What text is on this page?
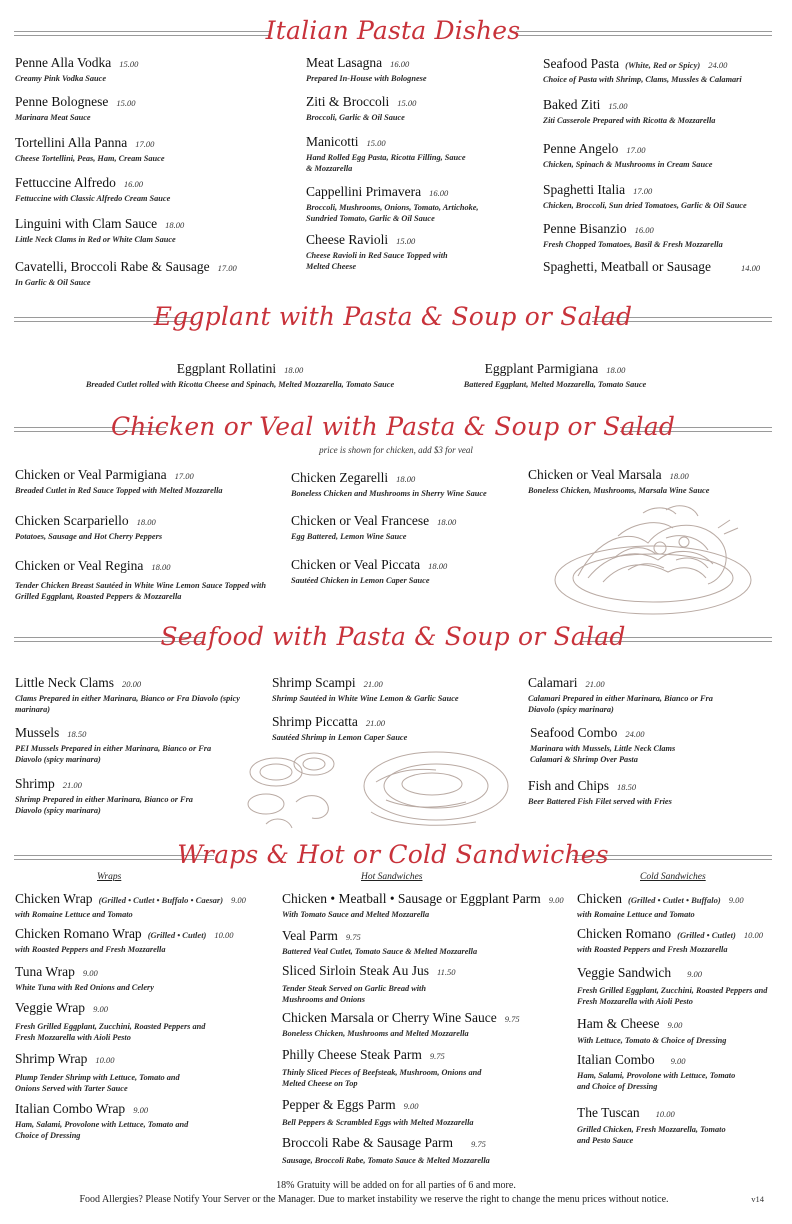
Italian Pasta Dishes
Penne Alla Vodka 15.00
Creamy Pink Vodka Sauce
Penne Bolognese 15.00
Marinara Meat Sauce
Tortellini Alla Panna 17.00
Cheese Tortellini, Peas, Ham, Cream Sauce
Fettuccine Alfredo 16.00
Fettuccine with Classic Alfredo Cream Sauce
Linguini with Clam Sauce 18.00
Little Neck Clams in Red or White Clam Sauce
Cavatelli, Broccoli Rabe & Sausage 17.00
In Garlic & Oil Sauce
Meat Lasagna 16.00
Prepared In-House with Bolognese
Ziti & Broccoli 15.00
Broccoli, Garlic & Oil Sauce
Manicotti 15.00
Hand Rolled Egg Pasta, Ricotta Filling, Sauce & Mozzarella
Cappellini Primavera 16.00
Broccoli, Mushrooms, Onions, Tomato, Artichoke, Sundried Tomato, Garlic & Oil Sauce
Cheese Ravioli 15.00
Cheese Ravioli in Red Sauce Topped with Melted Cheese
Seafood Pasta (White, Red or Spicy) 24.00
Choice of Pasta with Shrimp, Clams, Mussles & Calamari
Baked Ziti 15.00
Ziti Casserole Prepared with Ricotta & Mozzarella
Penne Angelo 17.00
Chicken, Spinach & Mushrooms in Cream Sauce
Spaghetti Italia 17.00
Chicken, Broccoli, Sun dried Tomatoes, Garlic & Oil Sauce
Penne Bisanzio 16.00
Fresh Chopped Tomatoes, Basil & Fresh Mozzarella
Spaghetti, Meatball or Sausage	14.00
Eggplant with Pasta & Soup or Salad
Eggplant Rollatini 18.00
Breaded Cutlet rolled with Ricotta Cheese and Spinach, Melted Mozzarella, Tomato Sauce
Eggplant Parmigiana 18.00
Battered Eggplant, Melted Mozzarella, Tomato Sauce
Chicken or Veal with Pasta & Soup or Salad
price is shown for chicken, add $3 for veal
Chicken or Veal Parmigiana 17.00
Breaded Cutlet in Red Sauce Topped with Melted Mozzarella
Chicken Scarpariello 18.00
Potatoes, Sausage and Hot Cherry Peppers
Chicken or Veal Regina 18.00
Tender Chicken Breast Sautéed in White Wine Lemon Sauce Topped with Grilled Eggplant, Roasted Peppers & Mozzarella
Chicken Zegarelli 18.00
Boneless Chicken and Mushrooms in Sherry Wine Sauce
Chicken or Veal Francese 18.00
Egg Battered, Lemon Wine Sauce
Chicken or Veal Piccata 18.00
Sautéed Chicken in Lemon Caper Sauce
Chicken or Veal Marsala 18.00
Boneless Chicken, Mushrooms, Marsala Wine Sauce
Seafood with Pasta & Soup or Salad
Little Neck Clams 20.00
Clams Prepared in either Marinara, Bianco or Fra Diavolo (spicy marinara)
Mussels 18.50
PEI Mussels Prepared in either Marinara, Bianco or Fra Diavolo (spicy marinara)
Shrimp 21.00
Shrimp Prepared in either Marinara, Bianco or Fra Diavolo (spicy marinara)
Shrimp Scampi 21.00
Shrimp Sautéed in White Wine Lemon & Garlic Sauce
Shrimp Piccatta 21.00
Sautéed Shrimp in Lemon Caper Sauce
Calamari 21.00
Calamari Prepared in either Marinara, Bianco or Fra Diavolo (spicy marinara)
Seafood Combo 24.00
Marinara with Mussels, Little Neck Clams Calamari & Shrimp Over Pasta
Fish and Chips 18.50
Beer Battered Fish Filet served with Fries
Wraps & Hot or Cold Sandwiches
Wraps	Hot Sandwiches	Cold Sandwiches
Chicken Wrap (Grilled • Cutlet • Buffalo • Caesar) 9.00
with Romaine Lettuce and Tomato
Chicken Romano Wrap (Grilled • Cutlet) 10.00
with Roasted Peppers and Fresh Mozzarella
Tuna Wrap 9.00
White Tuna with Red Onions and Celery
Veggie Wrap 9.00
Fresh Grilled Eggplant, Zucchini, Roasted Peppers and Fresh Mozzarella with Aioli Pesto
Shrimp Wrap 10.00
Plump Tender Shrimp with Lettuce, Tomato and Onions Served with Tarter Sauce
Italian Combo Wrap 9.00
Ham, Salami, Provolone with Lettuce, Tomato and Choice of Dressing
Chicken • Meatball • Sausage or Eggplant Parm 9.00
With Tomato Sauce and Melted Mozzarella
Veal Parm 9.75
Battered Veal Cutlet, Tomato Sauce & Melted Mozzarella
Sliced Sirloin Steak Au Jus 11.50
Tender Steak Served on Garlic Bread with Mushrooms and Onions
Chicken Marsala or Cherry Wine Sauce 9.75
Boneless Chicken, Mushrooms and Melted Mozzarella
Philly Cheese Steak Parm 9.75
Thinly Sliced Pieces of Beefsteak, Mushroom, Onions and Melted Cheese on Top
Pepper & Eggs Parm 9.00
Bell Peppers & Scrambled Eggs with Melted Mozzarella
Broccoli Rabe & Sausage Parm 9.75
Sausage, Broccoli Rabe, Tomato Sauce & Melted Mozzarella
Chicken (Grilled • Cutlet • Buffalo) 9.00
with Romaine Lettuce and Tomato
Chicken Romano (Grilled • Cutlet) 10.00
with Roasted Peppers and Fresh Mozzarella
Veggie Sandwich 9.00
Fresh Grilled Eggplant, Zucchini, Roasted Peppers and Fresh Mozzarella with Aioli Pesto
Ham & Cheese 9.00
With Lettuce, Tomato & Choice of Dressing
Italian Combo 9.00
Ham, Salami, Provolone with Lettuce, Tomato and Choice of Dressing
The Tuscan 10.00
Grilled Chicken, Fresh Mozzarella, Tomato and Pesto Sauce
18% Gratuity will be added on for all parties of 6 and more.
Food Allergies? Please Notify Your Server or the Manager. Due to market instability we reserve the right to change the menu prices without notice.	v14
